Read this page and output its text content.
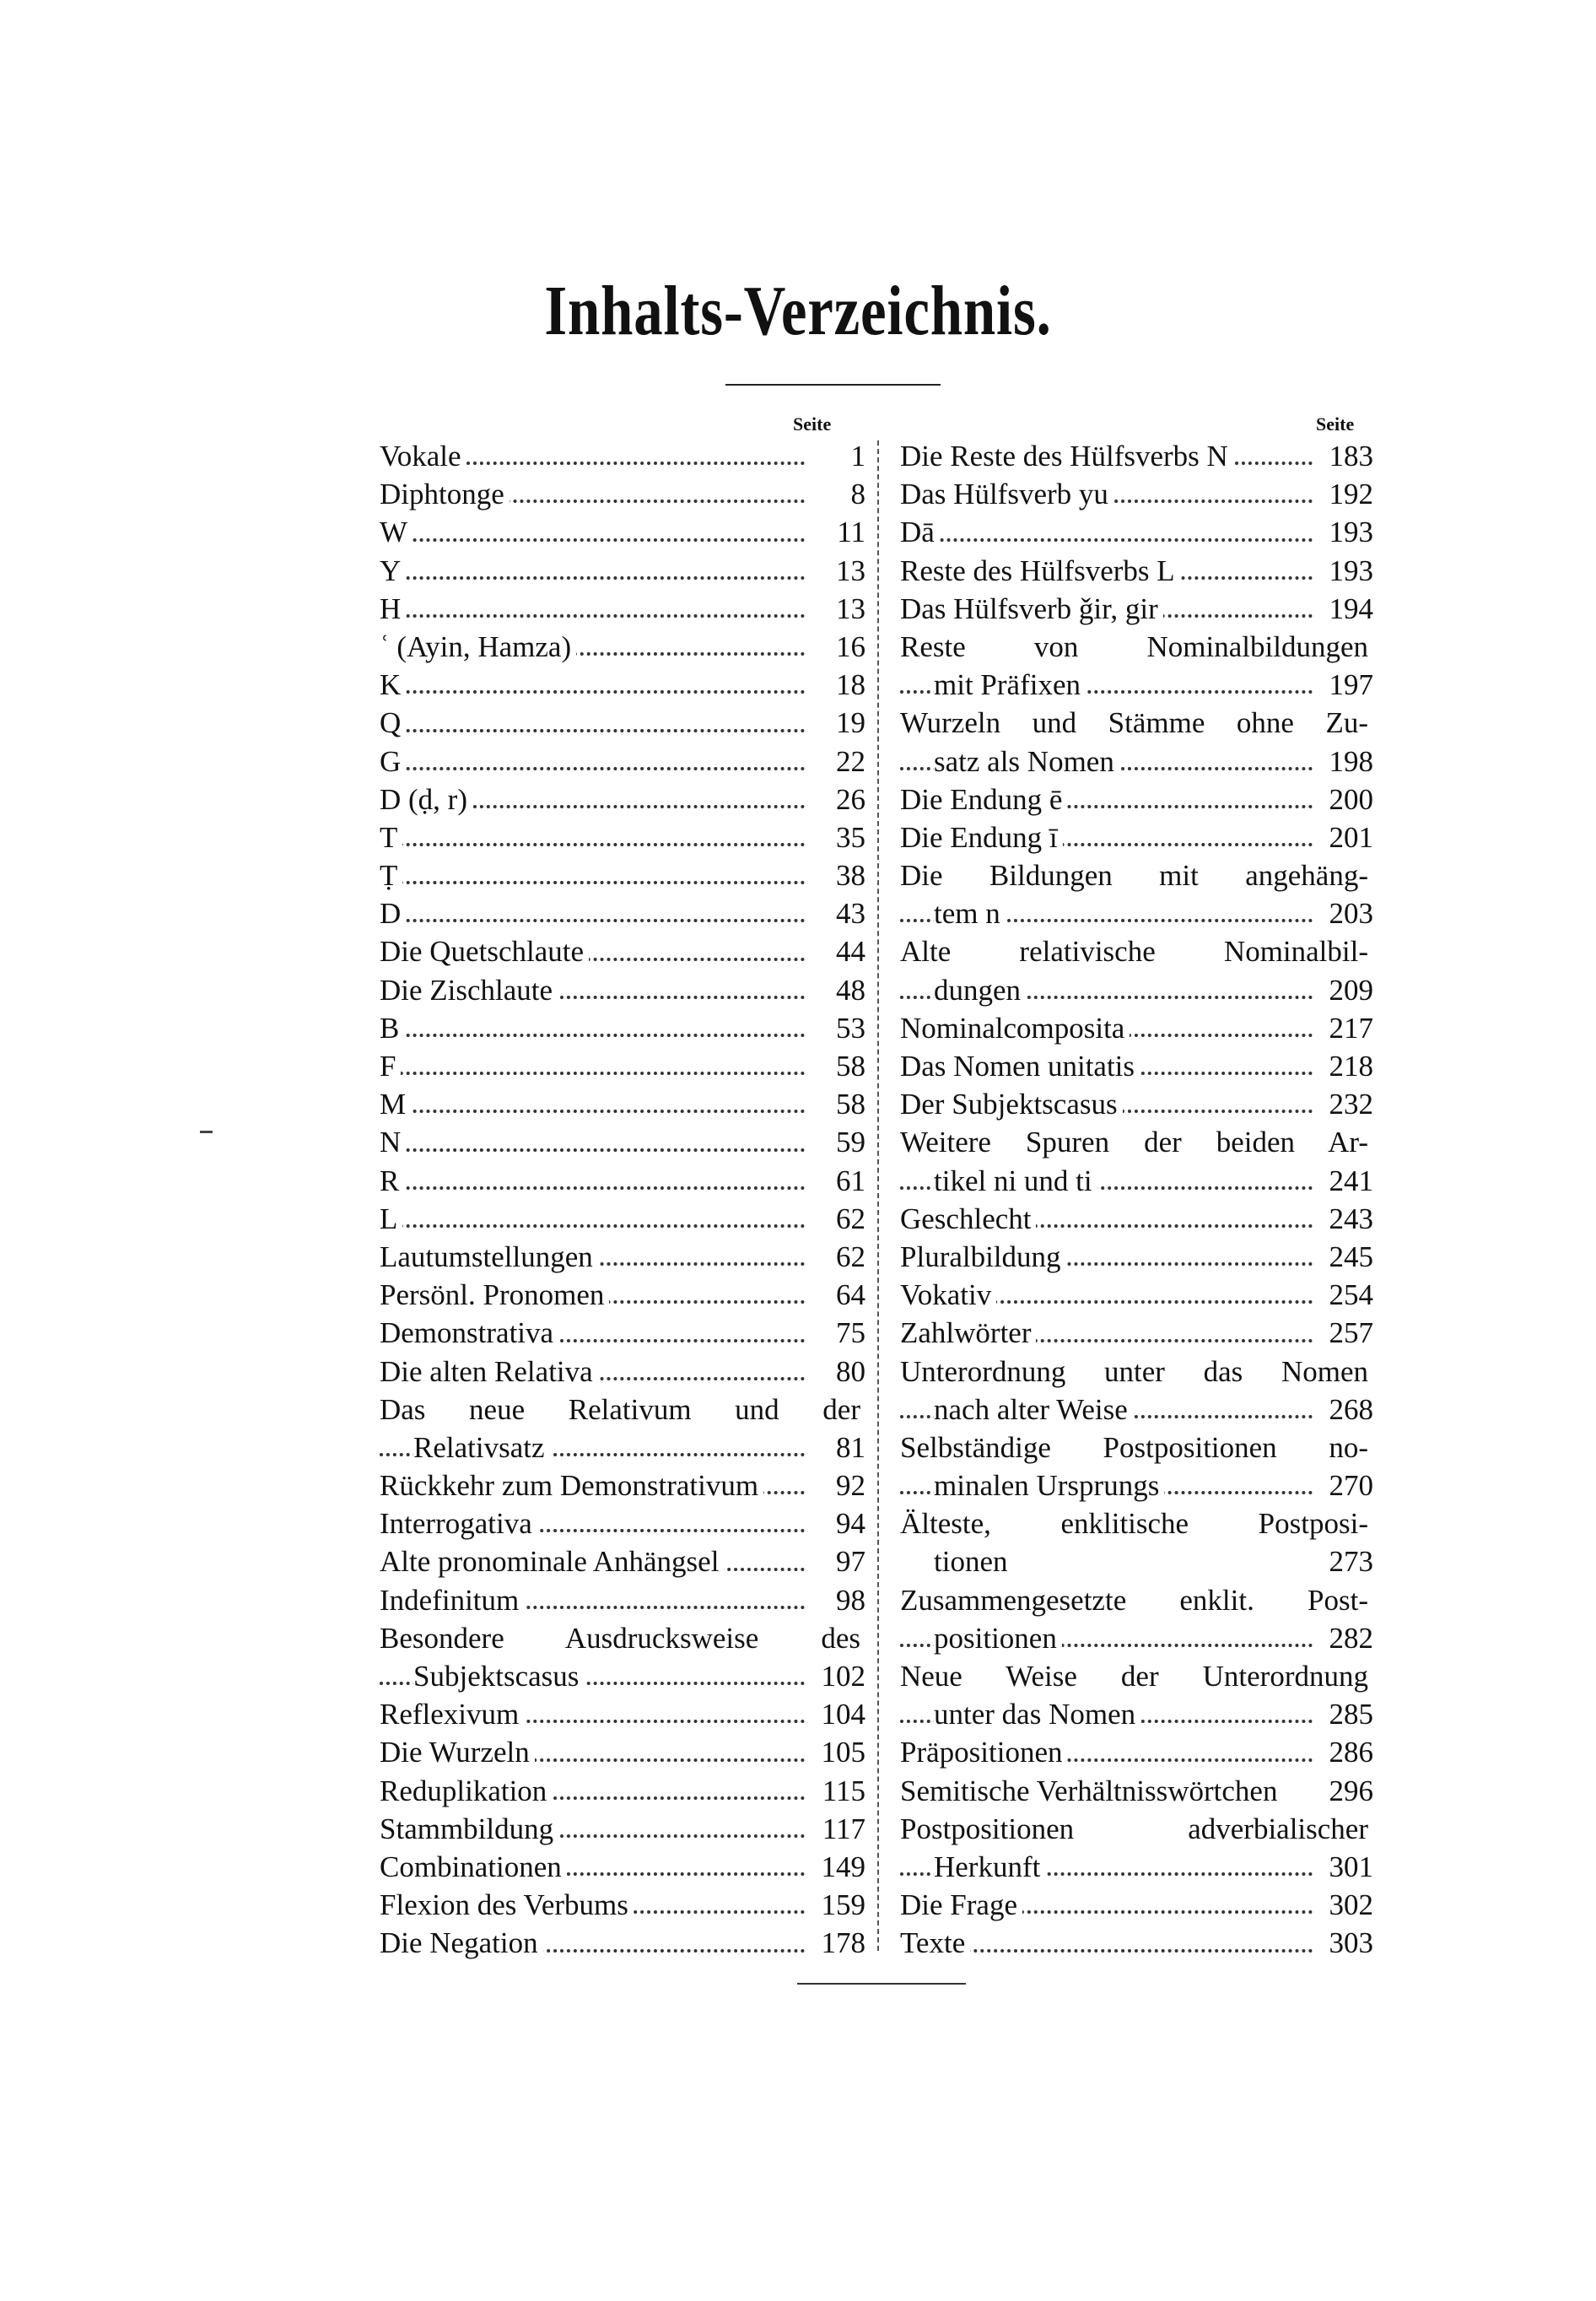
Inhalts-Verzeichnis.
Seite	Seite
Vokale	1
Diphtonge	8
W	11
Y	13
H	13
ʿ (Ayin, Hamza)	16
K	18
Q	19
G	22
D (ḍ, r)	26
T	35
Ṭ	38
D	43
Die Quetschlaute	44
Die Zischlaute	48
B	53
F	58
M	58
N	59
R	61
L	62
Lautumstellungen	62
Persönl. Pronomen	64
Demonstrativa	75
Die alten Relativa	80
Das neue Relativum und der
Relativsatz	81
Rückkehr zum Demonstrativum	92
Interrogativa	94
Alte pronominale Anhängsel	97
Indefinitum	98
Besondere Ausdrucksweise des
Subjektscasus	102
Reflexivum	104
Die Wurzeln	105
Reduplikation	115
Stammbildung	117
Combinationen	149
Flexion des Verbums	159
Die Negation	178
Die Reste des Hülfsverbs N	183
Das Hülfsverb yu	192
Dā	193
Reste des Hülfsverbs L	193
Das Hülfsverb ǧir, gir	194
Reste von Nominalbildungen
mit Präfixen	197
Wurzeln und Stämme ohne Zu-
satz als Nomen	198
Die Endung ē	200
Die Endung ī	201
Die Bildungen mit angehäng-
tem n	203
Alte relativische Nominalbil-
dungen	209
Nominalcomposita	217
Das Nomen unitatis	218
Der Subjektscasus	232
Weitere Spuren der beiden Ar-
tikel ni und ti	241
Geschlecht	243
Pluralbildung	245
Vokativ	254
Zahlwörter	257
Unterordnung unter das Nomen
nach alter Weise	268
Selbständige Postpositionen no-
minalen Ursprungs	270
Älteste, enklitische Postposi-
tionen	273
Zusammengesetzte enklit. Post-
positionen	282
Neue Weise der Unterordnung
unter das Nomen	285
Präpositionen	286
Semitische Verhältnisswörtchen 296
Postpositionen adverbialischer
Herkunft	301
Die Frage	302
Texte	303
